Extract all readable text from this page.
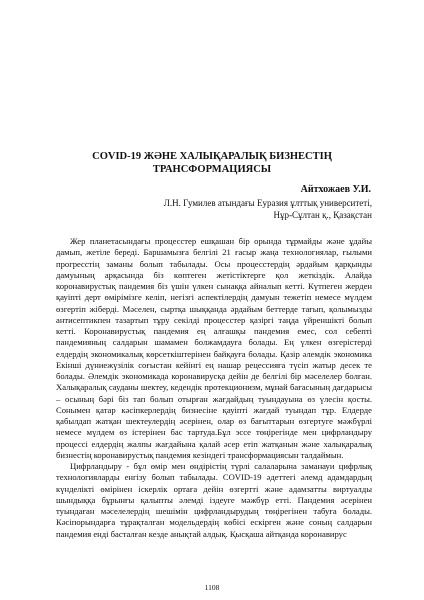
COVID-19 ЖӘНЕ ХАЛЫҚАРАЛЫҚ БИЗНЕСТІҢ
ТРАНСФОРМАЦИЯСЫ
Айтхожаев У.И.
Л.Н. Гумилев атындағы Еуразия ұлттық университеті,
Нұр-Сұлтан қ., Қазақстан

Жер планетасындағы процесстер ешқашан бір орында тұрмайды және ұдайы дамып, жетіле береді. Баршамызға белгілі 21 ғасыр жаңа технологиялар, ғылыми прогресстің заманы болып табылады. Осы процесстердің әрдайым қарқынды дамуының арқасында біз көптеген жетістіктерге қол жеткіздік. Алайда коронавирустық пандемия біз үшін үлкен сынаққа айналып кетті. Күтпеген жерден қауіпті дерт өмірімізге келіп, негізгі аспектілердің дамуын тежетіп немесе мүлдем өзгертіп жіберді. Мәселен, сыртқа шыққанда әрдайым беттерде тағып, қолымызды антисептикпен тазартып тұру секілді процесстер қазіргі таңда үйреншікті болып кетті. Коронавирустық пандемия ең алғашқы пандемия емес, сол себепті пандемияның салдарын шамамен болжамдауға болады. Ең үлкен өзгерістерді елдердің экономикалық көрсеткіштерінен байқауға болады. Қазір әлемдік экономика Екінші дүниежүзілік соғыстан кейінгі ең нашар рецессияға түсіп жатыр десек те болады. Әлемдік экономикада коронавирусқа дейін де белгілі бір мәселелер болған. Халықаралық сауданы шектеу, кедендік протекционизм, мұнай бағасының дағдарысы – осының бәрі біз тап болып отырған жағдайдың туындауына өз үлесін қосты. Сонымен қатар кәсіпкерлердің бизнесіне қауіпті жағдай туындап тұр. Елдерде қабылдап жатқан шектеулердің әсерінен, олар өз бағыттарын өзгертуге мәжбүрлі немесе мүлдем өз істерінен бас тартуда.Бұл эссе төңірегінде мен цифрландыру процессі елдердің жалпы жағдайына қалай әсер етіп жатқанын және халықаралық бизнестің коронавирустық пандемия кезіндегі трансформациясын талдаймын.

Цифрландыру - бұл өмір мен өндірістің түрлі салаларына заманауи цифрлық технологияларды енгізу болып табылады. COVID-19 әдеттегі әлемд адамдардың күнделікті өмірінен іскерлік ортаға дейін өзгертті және адамзатты виртуалды шындыққа бұрынғы қалыпты әлемді іздеуге мәжбүр етті. Пандемия әсерінен туындаған мәселелердің шешімін цифрландырудың төңірегінен табуға болады. Кәсіпорындарға тұрақталған модельдердің көбісі ескірген және соның салдарын пандемия енді басталған кезде анықтай алдық. Қысқаша айтқанда коронавирус

1108
